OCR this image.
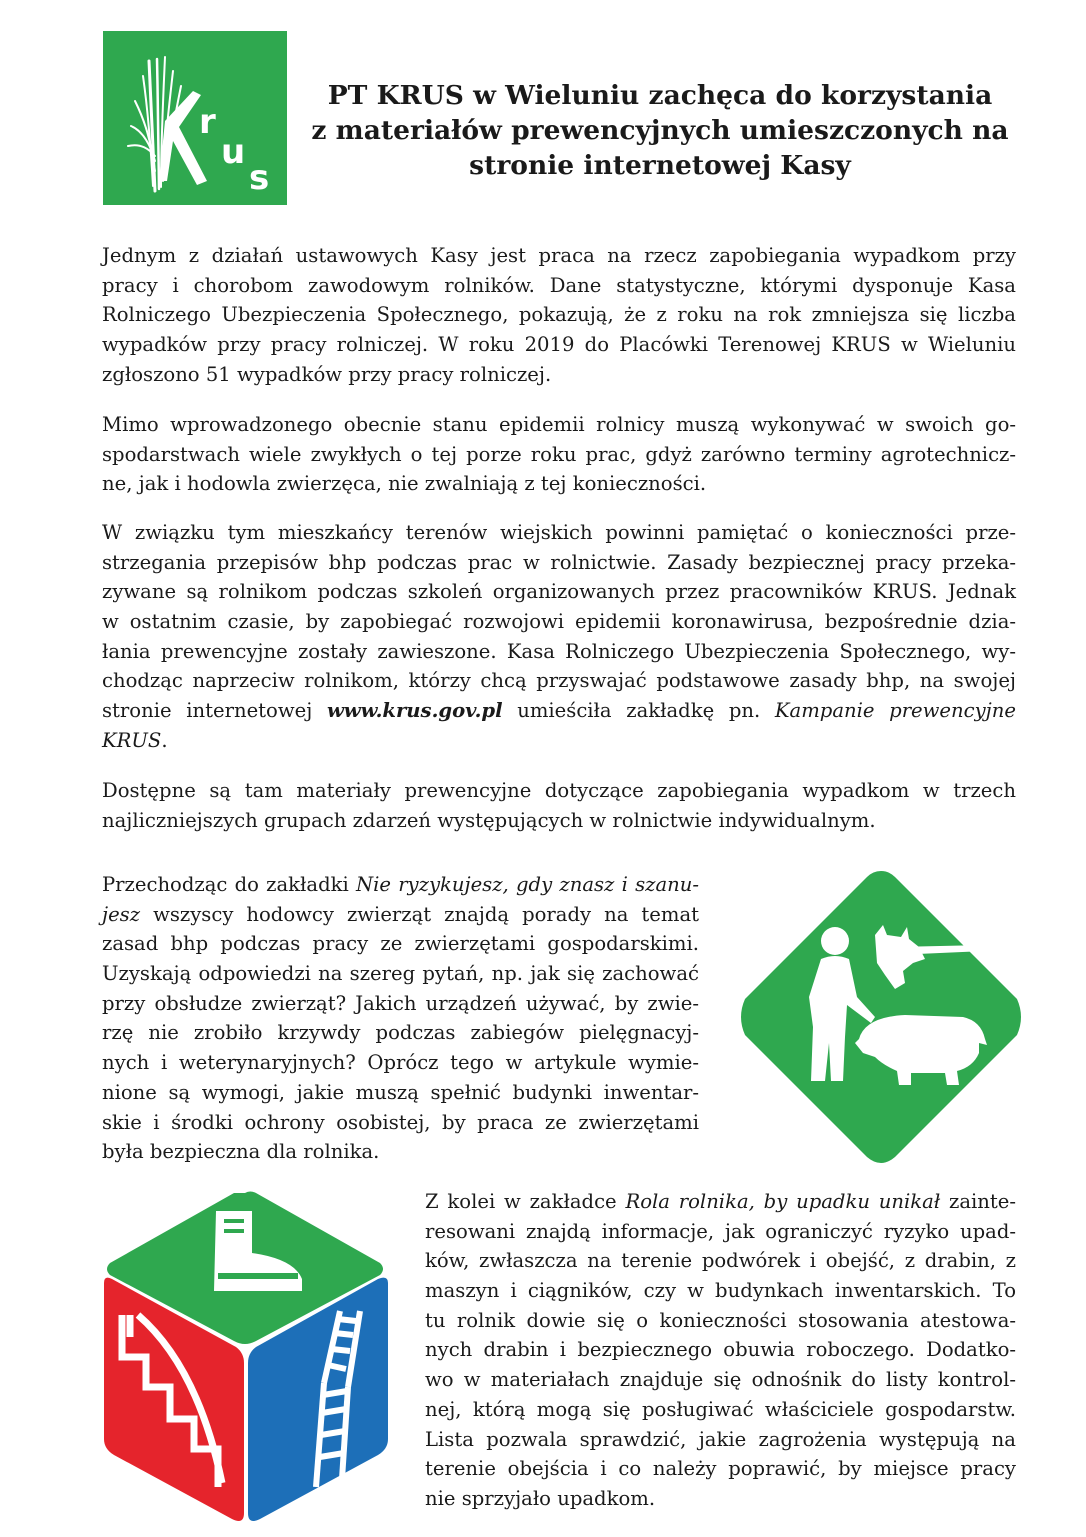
r
u
s
PT KRUS w Wieluniu zachęca do korzystania
z materiałów prewencyjnych umieszczonych na
stronie internetowej Kasy
Jednym z działań ustawowych Kasy jest praca na rzecz zapobiegania wypadkom przy
pracy i chorobom zawodowym rolników. Dane statystyczne, którymi dysponuje Kasa
Rolniczego Ubezpieczenia Społecznego, pokazują, że z roku na rok zmniejsza się liczba
wypadków przy pracy rolniczej. W roku 2019 do Placówki Terenowej KRUS w Wieluniu
zgłoszono 51 wypadków przy pracy rolniczej.
Mimo wprowadzonego obecnie stanu epidemii rolnicy muszą wykonywać w swoich go-
spodarstwach wiele zwykłych o tej porze roku prac, gdyż zarówno terminy agrotechnicz-
ne, jak i hodowla zwierzęca, nie zwalniają z tej konieczności.
W związku tym mieszkańcy terenów wiejskich powinni pamiętać o konieczności prze-
strzegania przepisów bhp podczas prac w rolnictwie. Zasady bezpiecznej pracy przeka-
zywane są rolnikom podczas szkoleń organizowanych przez pracowników KRUS. Jednak
w ostatnim czasie, by zapobiegać rozwojowi epidemii koronawirusa, bezpośrednie dzia-
łania prewencyjne zostały zawieszone. Kasa Rolniczego Ubezpieczenia Społecznego, wy-
chodząc naprzeciw rolnikom, którzy chcą przyswajać podstawowe zasady bhp, na swojej
stronie internetowej www.krus.gov.pl umieściła zakładkę pn. Kampanie prewencyjne
KRUS.
Dostępne są tam materiały prewencyjne dotyczące zapobiegania wypadkom w trzech
najliczniejszych grupach zdarzeń występujących w rolnictwie indywidualnym.
Przechodząc do zakładki Nie ryzykujesz, gdy znasz i szanu-
jesz wszyscy hodowcy zwierząt znajdą porady na temat
zasad bhp podczas pracy ze zwierzętami gospodarskimi.
Uzyskają odpowiedzi na szereg pytań, np. jak się zachować
przy obsłudze zwierząt? Jakich urządzeń używać, by zwie-
rzę nie zrobiło krzywdy podczas zabiegów pielęgnacyj-
nych i weterynaryjnych? Oprócz tego w artykule wymie-
nione są wymogi, jakie muszą spełnić budynki inwentar-
skie i środki ochrony osobistej, by praca ze zwierzętami
była bezpieczna dla rolnika.
Z kolei w zakładce Rola rolnika, by upadku unikał zainte-
resowani znajdą informacje, jak ograniczyć ryzyko upad-
ków, zwłaszcza na terenie podwórek i obejść, z drabin, z
maszyn i ciągników, czy w budynkach inwentarskich. To
tu rolnik dowie się o konieczności stosowania atestowa-
nych drabin i bezpiecznego obuwia roboczego. Dodatko-
wo w materiałach znajduje się odnośnik do listy kontrol-
nej, którą mogą się posługiwać właściciele gospodarstw.
Lista pozwala sprawdzić, jakie zagrożenia występują na
terenie obejścia i co należy poprawić, by miejsce pracy
nie sprzyjało upadkom.
